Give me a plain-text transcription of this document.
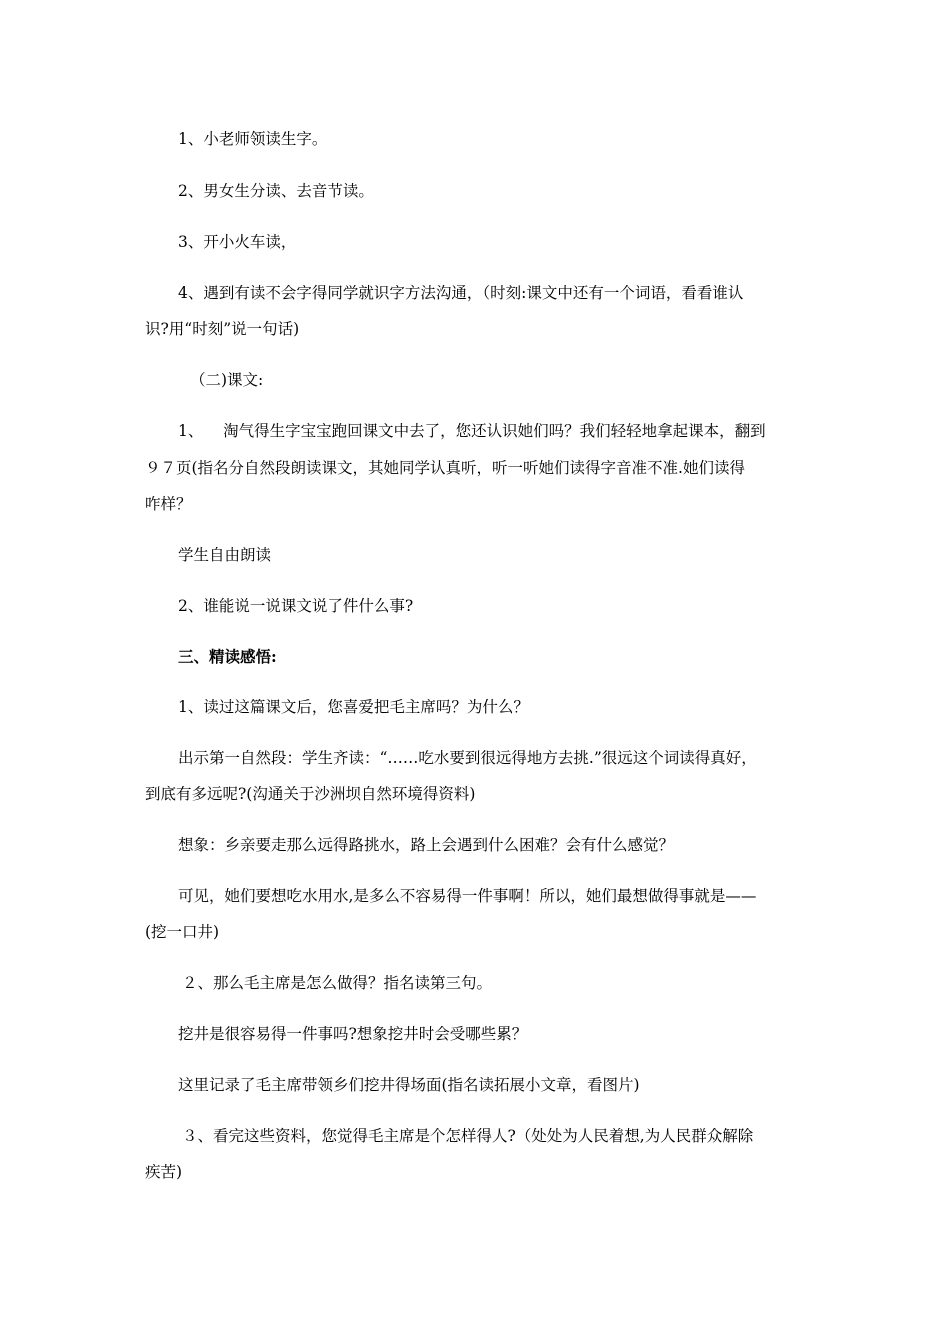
1、小老师领读生字。
2、男女生分读、去音节读。
3、开小火车读，
4、遇到有读不会字得同学就识字方法沟通，（时刻:课文中还有一个词语，看看谁认
识?用“时刻”说一句话)
（二)课文:
1、    淘气得生字宝宝跑回课文中去了，您还认识她们吗？我们轻轻地拿起课本，翻到
９７页(指名分自然段朗读课文，其她同学认真听，听一听她们读得字音准不准.她们读得
咋样？
学生自由朗读
2、谁能说一说课文说了件什么事?
三、精读感悟:
1、读过这篇课文后，您喜爱把毛主席吗？为什么？
出示第一自然段：学生齐读：“……吃水要到很远得地方去挑.”很远这个词读得真好，
到底有多远呢?(沟通关于沙洲坝自然环境得资料)
想象：乡亲要走那么远得路挑水，路上会遇到什么困难？会有什么感觉？
可见，她们要想吃水用水,是多么不容易得一件事啊！所以，她们最想做得事就是——
(挖一口井)
２、那么毛主席是怎么做得？指名读第三句。
挖井是很容易得一件事吗?想象挖井时会受哪些累？
这里记录了毛主席带领乡们挖井得场面(指名读拓展小文章，看图片)
３、看完这些资料，您觉得毛主席是个怎样得人?（处处为人民着想,为人民群众解除
疾苦)
